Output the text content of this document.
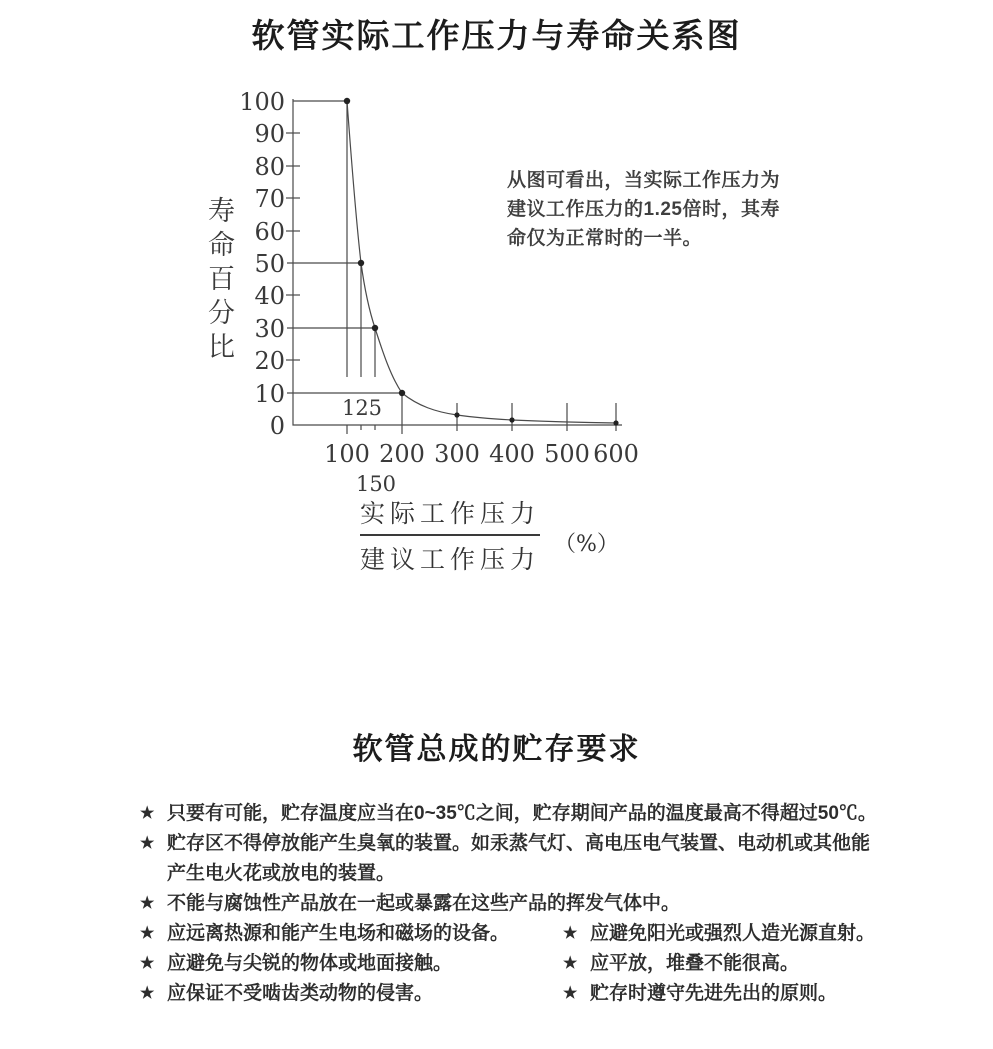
软管实际工作压力与寿命关系图
100
90
80
70
60
50
40
30
20
10
0
100 200 300 400 500 600
125
150
寿命百分比
从图可看出，当实际工作压力为
建议工作压力的1.25倍时，其寿
命仅为正常时的一半。
$\frac{\text{实际工作压力}}{\text{建议工作压力}}$ （%）
软管总成的贮存要求
★ 只要有可能，贮存温度应当在0~35℃之间，贮存期间产品的温度最高不得超过50℃。
★ 贮存区不得停放能产生臭氧的装置。如汞蒸气灯、高电压电气装置、电动机或其他能
产生电火花或放电的装置。
★ 不能与腐蚀性产品放在一起或暴露在这些产品的挥发气体中。
★ 应远离热源和能产生电场和磁场的设备。	★ 应避免阳光或强烈人造光源直射。
★ 应避免与尖锐的物体或地面接触。	★ 应平放，堆叠不能很高。
★ 应保证不受啮齿类动物的侵害。	★ 贮存时遵守先进先出的原则。
